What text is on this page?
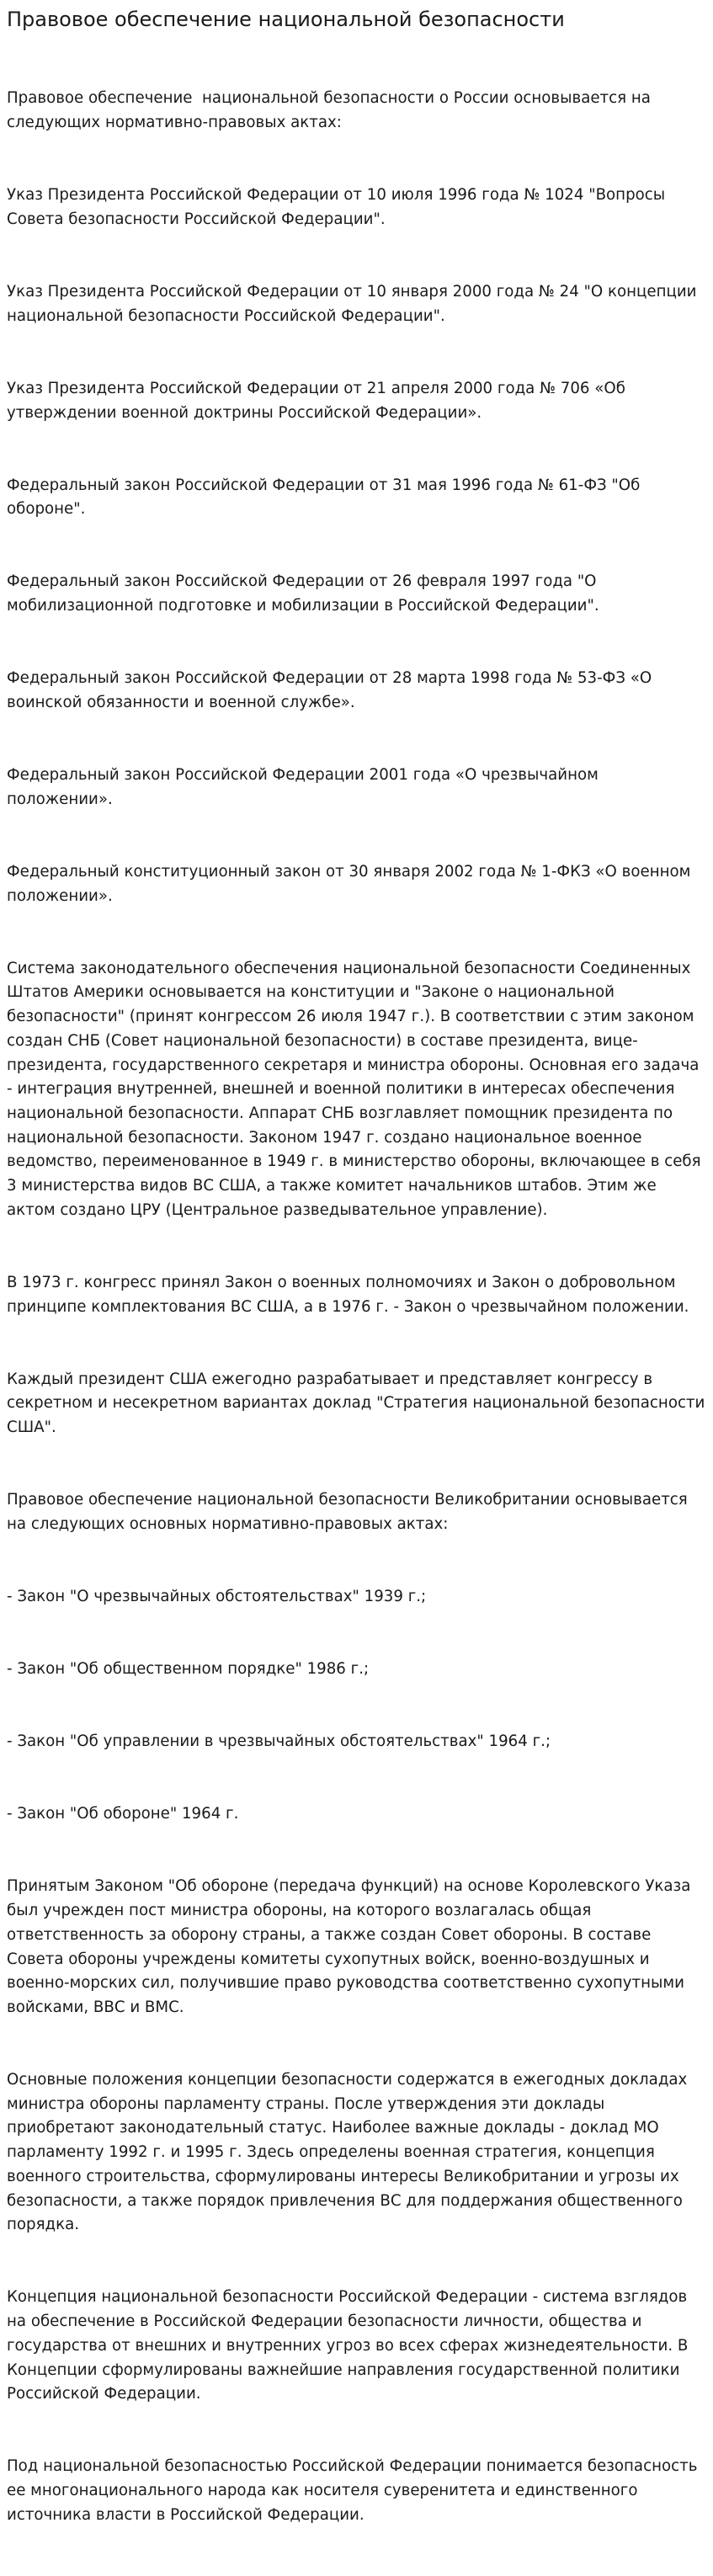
Правовое обеспечение национальной безопасности

Правовое обеспечение  национальной безопасности о России основывается на следующих нормативно-правовых актах:

Указ Президента Российской Федерации от 10 июля 1996 года № 1024 "Вопросы Совета безопасности Российской Федерации".

Указ Президента Российской Федерации от 10 января 2000 года № 24 "О концепции национальной безопасности Российской Федерации".

Указ Президента Российской Федерации от 21 апреля 2000 года № 706 «Об утверждении военной доктрины Российской Федерации».

Федеральный закон Российской Федерации от 31 мая 1996 года № 61-ФЗ "Об обороне".

Федеральный закон Российской Федерации от 26 февраля 1997 года "О мобилизационной подготовке и мобилизации в Российской Федерации".

Федеральный закон Российской Федерации от 28 марта 1998 года № 53-ФЗ «О воинской обязанности и военной службе».

Федеральный закон Российской Федерации 2001 года «О чрезвычайном положении».

Федеральный конституционный закон от 30 января 2002 года № 1-ФКЗ «О военном положении».

Система законодательного обеспечения национальной безопасности Соединенных Штатов Америки основывается на конституции и "Законе о национальной безопасности" (принят конгрессом 26 июля 1947 г.). В соответствии с этим законом создан СНБ (Совет национальной безопасности) в составе президента, вице-президента, государственного секретаря и министра обороны. Основная его задача - интеграция внутренней, внешней и военной политики в интересах обеспечения национальной безопасности. Аппарат СНБ возглавляет помощник президента по национальной безопасности. Законом 1947 г. создано национальное военное ведомство, переименованное в 1949 г. в министерство обороны, включающее в себя 3 министерства видов ВС США, а также комитет начальников штабов. Этим же актом создано ЦРУ (Центральное разведывательное управление).

В 1973 г. конгресс принял Закон о военных полномочиях и Закон о добровольном принципе комплектования ВС США, а в 1976 г. - Закон о чрезвычайном положении.

Каждый президент США ежегодно разрабатывает и представляет конгрессу в секретном и несекретном вариантах доклад "Стратегия национальной безопасности США".

Правовое обеспечение национальной безопасности Великобритании основывается на следующих основных нормативно-правовых актах:

- Закон "О чрезвычайных обстоятельствах" 1939 г.;

- Закон "Об общественном порядке" 1986 г.;

- Закон "Об управлении в чрезвычайных обстоятельствах" 1964 г.;

- Закон "Об обороне" 1964 г.

Принятым Законом "Об обороне (передача функций) на основе Королевского Указа был учрежден пост министра обороны, на которого возлагалась общая ответственность за оборону страны, а также создан Совет обороны. В составе Совета обороны учреждены комитеты сухопутных войск, военно-воздушных и военно-морских сил, получившие право руководства соответственно сухопутными войсками, ВВС и ВМС.

Основные положения концепции безопасности содержатся в ежегодных докладах министра обороны парламенту страны. После утверждения эти доклады приобретают законодательный статус. Наиболее важные доклады - доклад МО парламенту 1992 г. и 1995 г. Здесь определены военная стратегия, концепция военного строительства, сформулированы интересы Великобритании и угрозы их безопасности, а также порядок привлечения ВС для поддержания общественного порядка.

Концепция национальной безопасности Российской Федерации - система взглядов на обеспечение в Российской Федерации безопасности личности, общества и государства от внешних и внутренних угроз во всех сферах жизнедеятельности. В Концепции сформулированы важнейшие направления государственной политики Российской Федерации.

Под национальной безопасностью Российской Федерации понимается безопасность ее многонационального народа как носителя суверенитета и единственного источника власти в Российской Федерации.
